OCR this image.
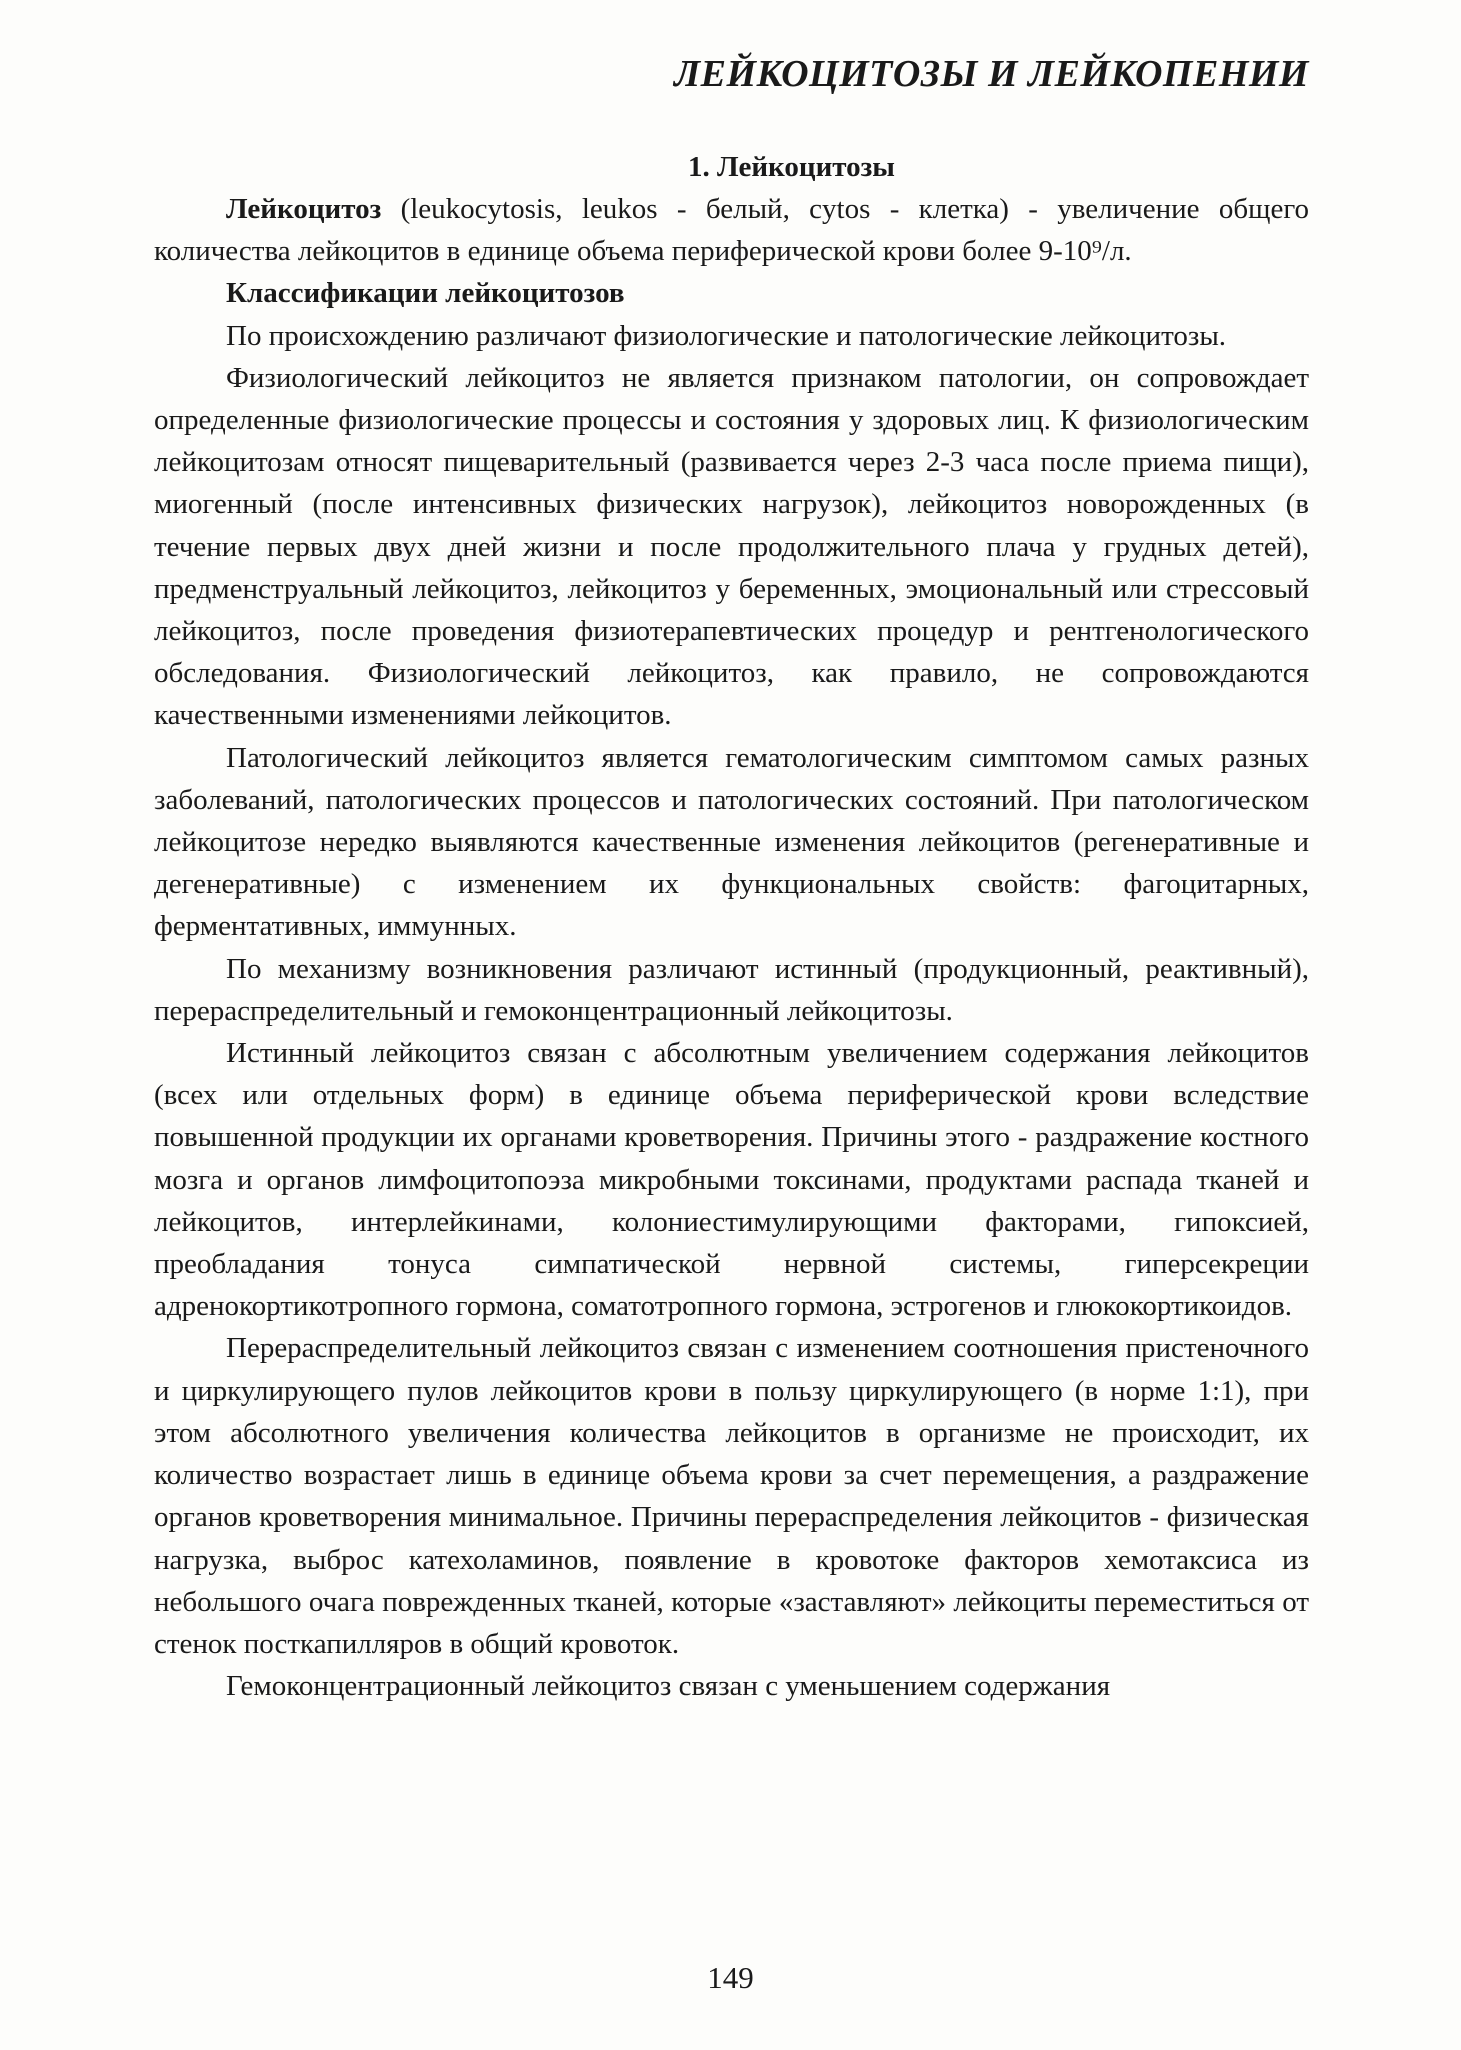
ЛЕЙКОЦИТОЗЫ И ЛЕЙКОПЕНИИ
1. Лейкоцитозы

Лейкоцитоз (leukocytosis, leukos - белый, cytos - клетка) - увеличение общего количества лейкоцитов в единице объема периферической крови более 9-10⁹/л.

Классификации лейкоцитозов

По происхождению различают физиологические и патологические лейкоцитозы.

Физиологический лейкоцитоз не является признаком патологии, он сопровождает определенные физиологические процессы и состояния у здоровых лиц. К физиологическим лейкоцитозам относят пищеварительный (развивается через 2-3 часа после приема пищи), миогенный (после интенсивных физических нагрузок), лейкоцитоз новорожденных (в течение первых двух дней жизни и после продолжительного плача у грудных детей), предменструальный лейкоцитоз, лейкоцитоз у беременных, эмоциональный или стрессовый лейкоцитоз, после проведения физиотерапевтических процедур и рентгенологического обследования. Физиологический лейкоцитоз, как правило, не сопровождаются качественными изменениями лейкоцитов.

Патологический лейкоцитоз является гематологическим симптомом самых разных заболеваний, патологических процессов и патологических состояний. При патологическом лейкоцитозе нередко выявляются качественные изменения лейкоцитов (регенеративные и дегенеративные) с изменением их функциональных свойств: фагоцитарных, ферментативных, иммунных.

По механизму возникновения различают истинный (продукционный, реактивный), перераспределительный и гемоконцентрационный лейкоцитозы.

Истинный лейкоцитоз связан с абсолютным увеличением содержания лейкоцитов (всех или отдельных форм) в единице объема периферической крови вследствие повышенной продукции их органами кроветворения. Причины этого - раздражение костного мозга и органов лимфоцитопоэза микробными токсинами, продуктами распада тканей и лейкоцитов, интерлейкинами, колониестимулирующими факторами, гипоксией, преобладания тонуса симпатической нервной системы, гиперсекреции адренокортикотропного гормона, соматотропного гормона, эстрогенов и глюкокортикоидов.

Перераспределительный лейкоцитоз связан с изменением соотношения пристеночного и циркулирующего пулов лейкоцитов крови в пользу циркулирующего (в норме 1:1), при этом абсолютного увеличения количества лейкоцитов в организме не происходит, их количество возрастает лишь в единице объема крови за счет перемещения, а раздражение органов кроветворения минимальное. Причины перераспределения лейкоцитов - физическая нагрузка, выброс катехоламинов, появление в кровотоке факторов хемотаксиса из небольшого очага поврежденных тканей, которые «заставляют» лейкоциты переместиться от стенок посткапилляров в общий кровоток.

Гемоконцентрационный лейкоцитоз связан с уменьшением содержания

149
